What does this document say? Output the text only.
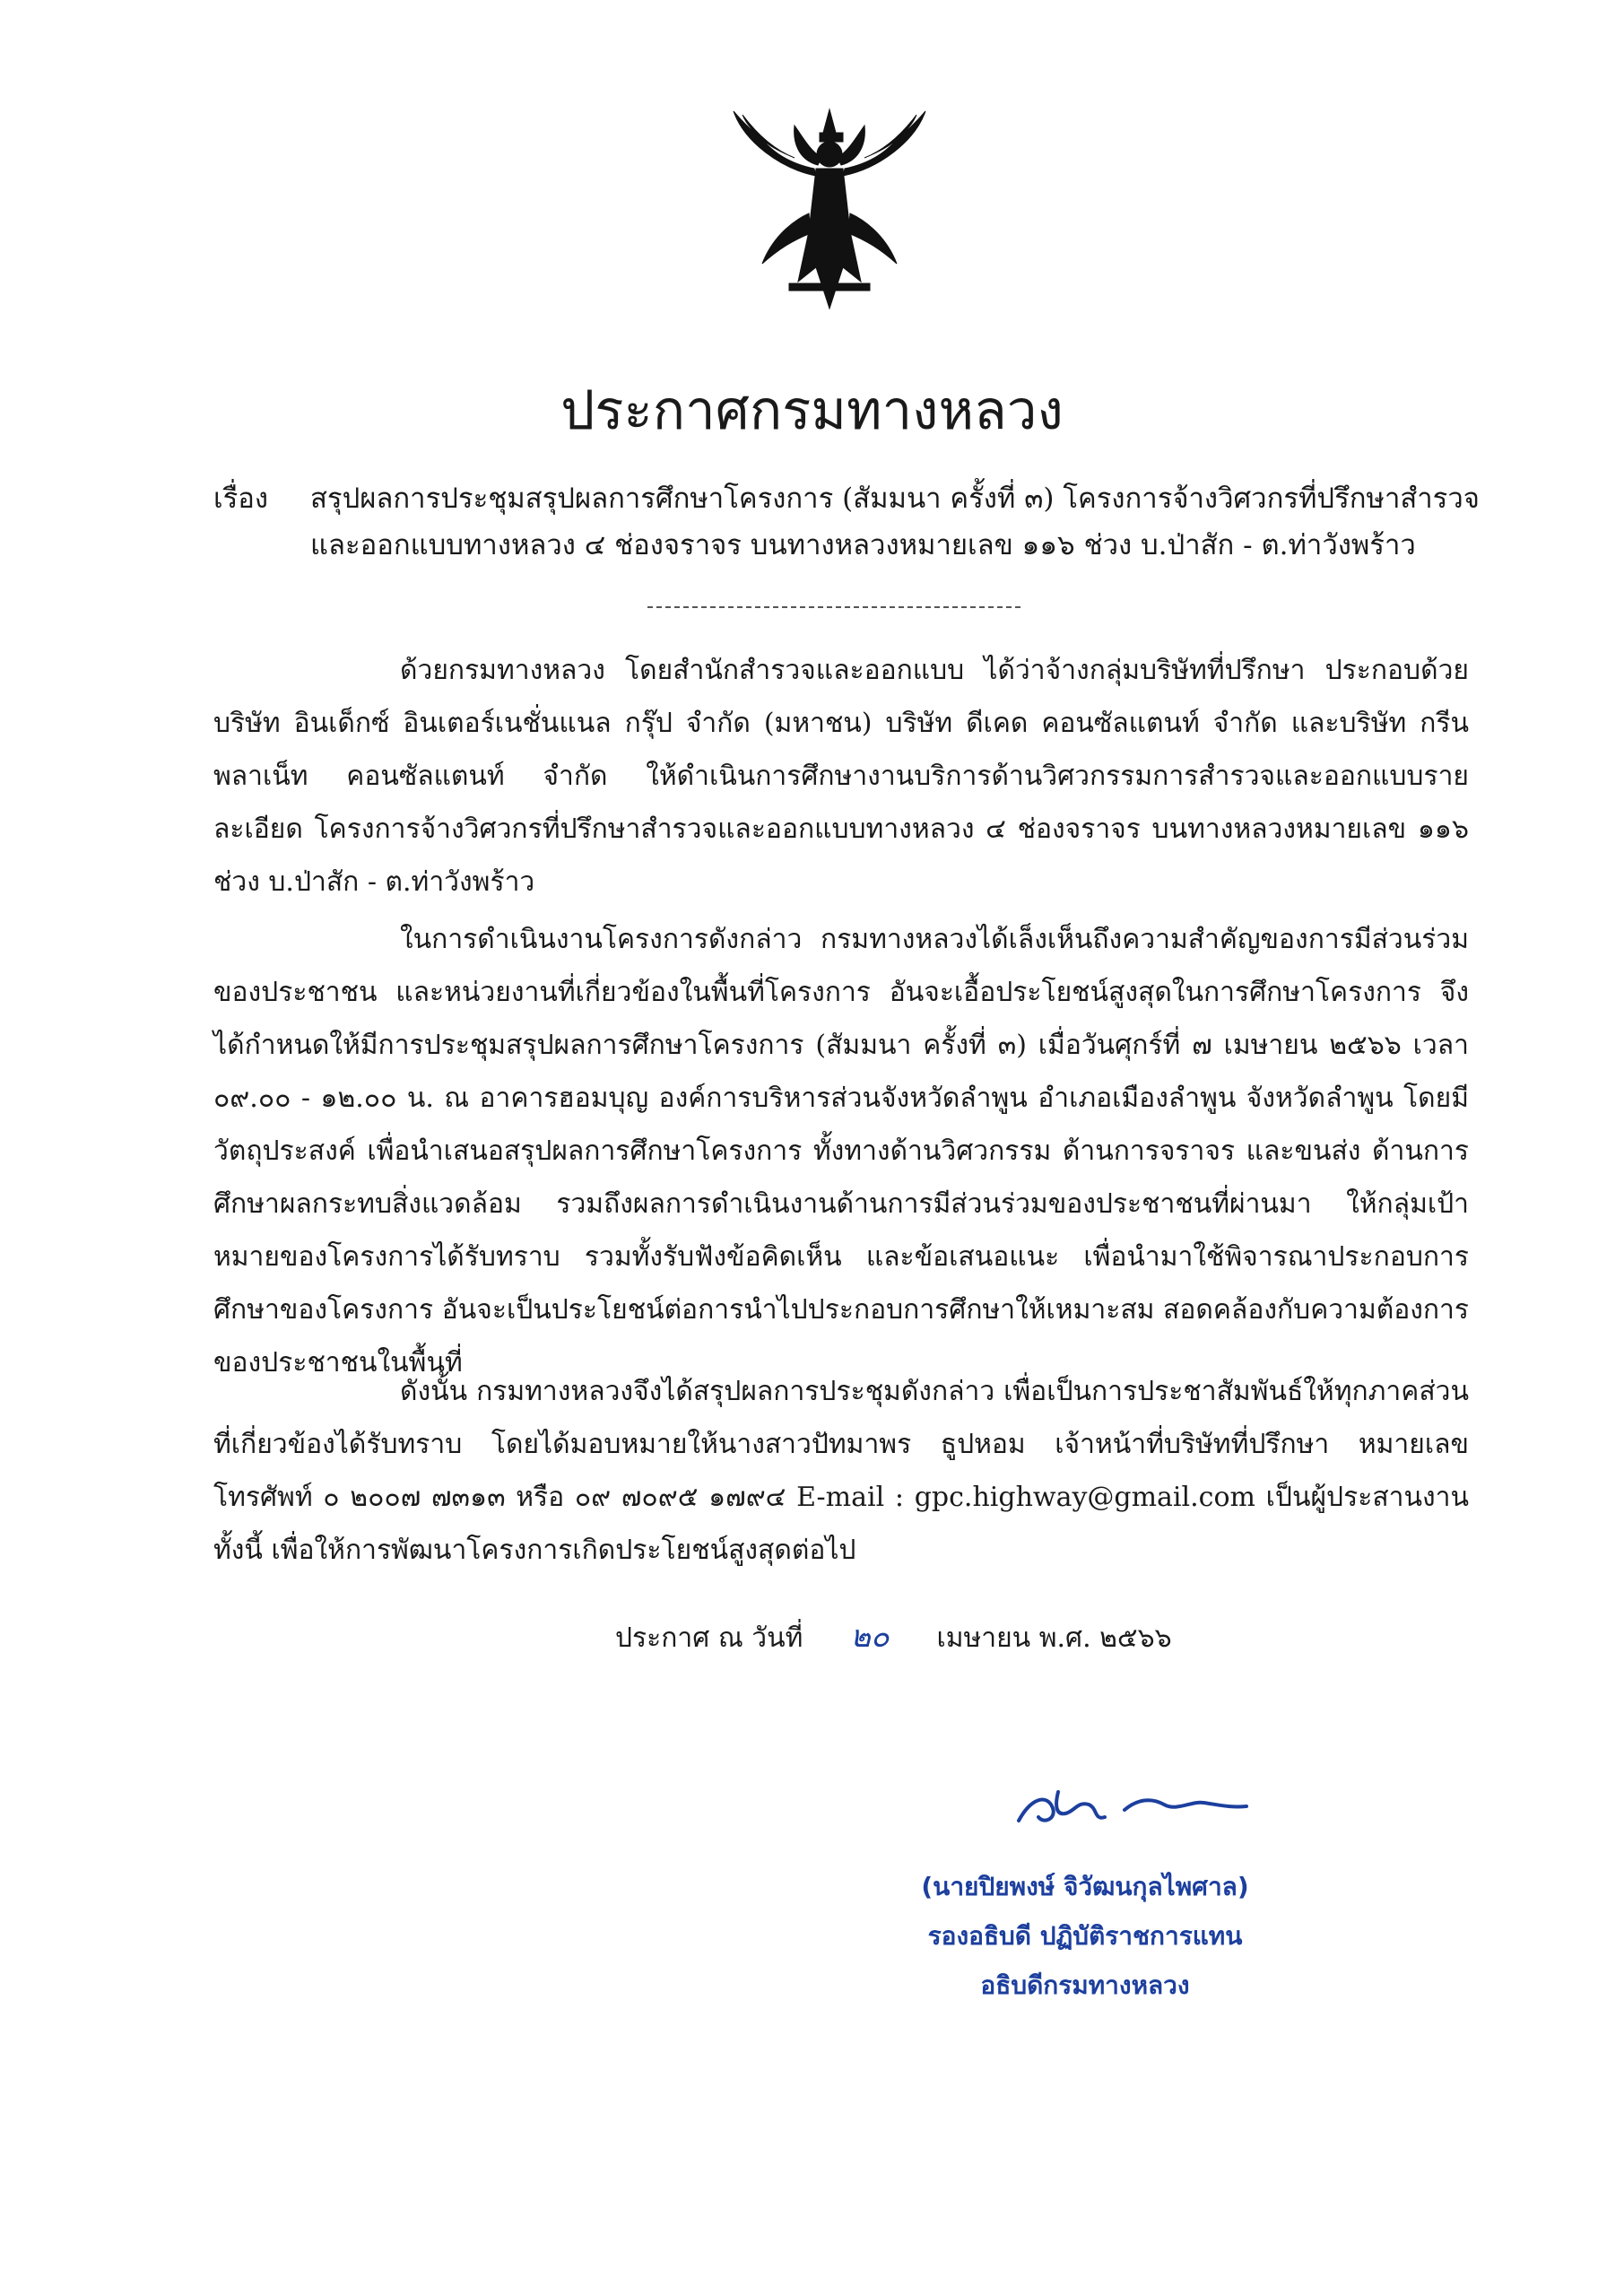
ประกาศกรมทางหลวง
เรื่อง สรุปผลการประชุมสรุปผลการศึกษาโครงการ (สัมมนา ครั้งที่ ๓) โครงการจ้างวิศวกรที่ปรึกษาสำรวจและออกแบบทางหลวง ๔ ช่องจราจร บนทางหลวงหมายเลข ๑๑๖ ช่วง บ.ป่าสัก - ต.ท่าวังพร้าว

ด้วยกรมทางหลวง โดยสำนักสำรวจและออกแบบ ได้ว่าจ้างกลุ่มบริษัทที่ปรึกษา ประกอบด้วย บริษัท อินเด็กซ์ อินเตอร์เนชั่นแนล กรุ๊ป จำกัด (มหาชน) บริษัท ดีเคด คอนซัลแตนท์ จำกัด และบริษัท กรีน พลาเน็ท คอนซัลแตนท์ จำกัด ให้ดำเนินการศึกษางานบริการด้านวิศวกรรมการสำรวจและออกแบบรายละเอียด โครงการจ้างวิศวกรที่ปรึกษาสำรวจและออกแบบทางหลวง ๔ ช่องจราจร บนทางหลวงหมายเลข ๑๑๖ ช่วง บ.ป่าสัก - ต.ท่าวังพร้าว

ในการดำเนินงานโครงการดังกล่าว กรมทางหลวงได้เล็งเห็นถึงความสำคัญของการมีส่วนร่วมของประชาชน และหน่วยงานที่เกี่ยวข้องในพื้นที่โครงการ อันจะเอื้อประโยชน์สูงสุดในการศึกษาโครงการ จึงได้กำหนดให้มีการประชุมสรุปผลการศึกษาโครงการ (สัมมนา ครั้งที่ ๓) เมื่อวันศุกร์ที่ ๗ เมษายน ๒๕๖๖ เวลา ๐๙.๐๐ - ๑๒.๐๐ น. ณ อาคารฮอมบุญ องค์การบริหารส่วนจังหวัดลำพูน อำเภอเมืองลำพูน จังหวัดลำพูน โดยมีวัตถุประสงค์ เพื่อนำเสนอสรุปผลการศึกษาโครงการ ทั้งทางด้านวิศวกรรม ด้านการจราจร และขนส่ง ด้านการศึกษาผลกระทบสิ่งแวดล้อม รวมถึงผลการดำเนินงานด้านการมีส่วนร่วมของประชาชนที่ผ่านมา ให้กลุ่มเป้าหมายของโครงการได้รับทราบ รวมทั้งรับฟังข้อคิดเห็น และข้อเสนอแนะ เพื่อนำมาใช้พิจารณาประกอบการศึกษาของโครงการ อันจะเป็นประโยชน์ต่อการนำไปประกอบการศึกษาให้เหมาะสม สอดคล้องกับความต้องการของประชาชนในพื้นที่

ดังนั้น กรมทางหลวงจึงได้สรุปผลการประชุมดังกล่าว เพื่อเป็นการประชาสัมพันธ์ให้ทุกภาคส่วนที่เกี่ยวข้องได้รับทราบ โดยได้มอบหมายให้นางสาวปัทมาพร ธูปหอม เจ้าหน้าที่บริษัทที่ปรึกษา หมายเลขโทรศัพท์ ๐ ๒๐๐๗ ๗๓๑๓ หรือ ๐๙ ๗๐๙๕ ๑๗๙๔ E-mail : gpc.highway@gmail.com เป็นผู้ประสานงาน ทั้งนี้ เพื่อให้การพัฒนาโครงการเกิดประโยชน์สูงสุดต่อไป

ประกาศ ณ วันที่ ๒๐ เมษายน พ.ศ. ๒๕๖๖
(นายปิยพงษ์ จิวัฒนกุลไพศาล)
รองอธิบดี ปฏิบัติราชการแทน
อธิบดีกรมทางหลวง
